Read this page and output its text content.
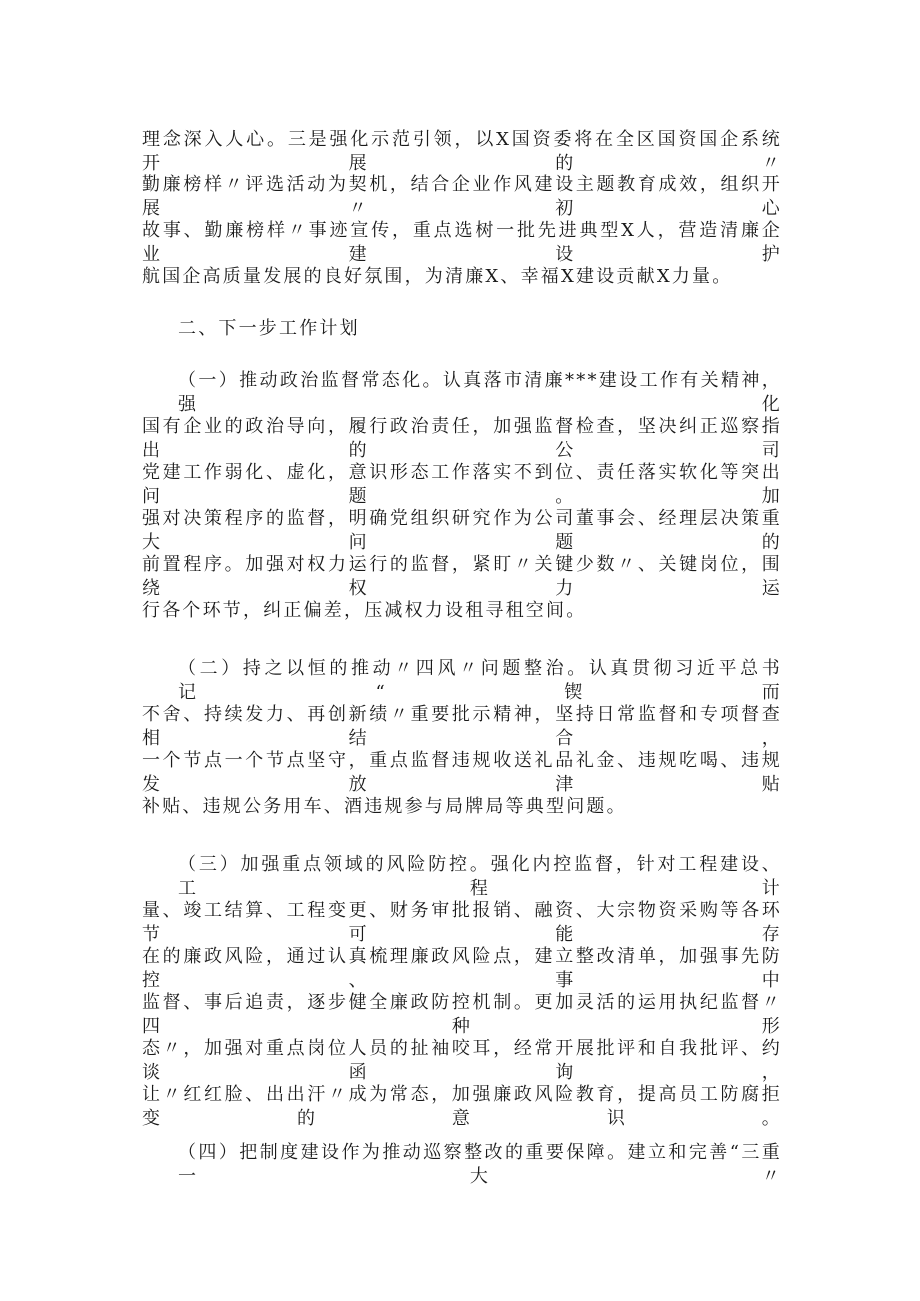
理念深入人心。三是强化示范引领，以X国资委将在全区国资国企系统开展的〃
勤廉榜样〃评选活动为契机，结合企业作风建设主题教育成效，组织开展〃初心
故事、勤廉榜样〃事迹宣传，重点选树一批先进典型X人，营造清廉企业建设护
航国企高质量发展的良好氛围，为清廉X、幸福X建设贡献X力量。
二、下一步工作计划
（一）推动政治监督常态化。认真落市清廉***建设工作有关精神，强化
国有企业的政治导向，履行政治责任，加强监督检查，坚决纠正巡察指出的公司
党建工作弱化、虚化，意识形态工作落实不到位、责任落实软化等突出问题。加
强对决策程序的监督，明确党组织研究作为公司董事会、经理层决策重大问题的
前置程序。加强对权力运行的监督，紧盯〃关键少数〃、关键岗位，围绕权力运
行各个环节，纠正偏差，压减权力设租寻租空间。
（二）持之以恒的推动〃四风〃问题整治。认真贯彻习近平总书记“锲而
不舍、持续发力、再创新绩〃重要批示精神，坚持日常监督和专项督查相结合，
一个节点一个节点坚守，重点监督违规收送礼品礼金、违规吃喝、违规发放津贴
补贴、违规公务用车、酒违规参与局牌局等典型问题。
（三）加强重点领域的风险防控。强化内控监督，针对工程建设、工程计
量、竣工结算、工程变更、财务审批报销、融资、大宗物资采购等各环节可能存
在的廉政风险，通过认真梳理廉政风险点，建立整改清单，加强事先防控、事中
监督、事后追责，逐步健全廉政防控机制。更加灵活的运用执纪监督〃四种形
态〃，加强对重点岗位人员的扯袖咬耳，经常开展批评和自我批评、约谈函询，
让〃红红脸、出出汗〃成为常态，加强廉政风险教育，提高员工防腐拒变的意识。
（四）把制度建设作为推动巡察整改的重要保障。建立和完善“三重一大〃
